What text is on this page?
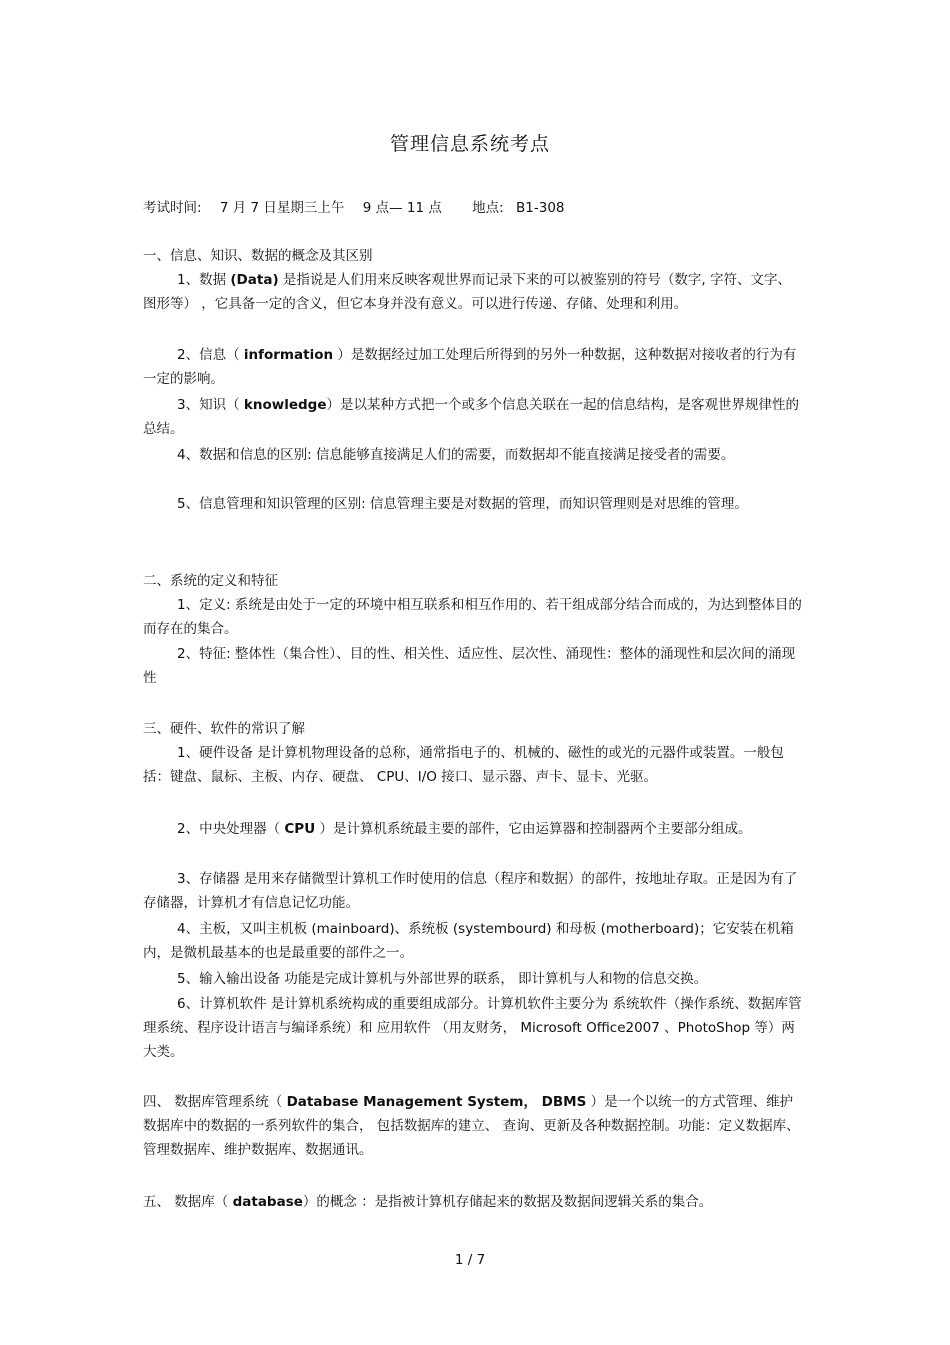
管理信息系统考点
考试时间: 7 月 7 日星期三上午 9 点— 11 点 地点: B1-308
一、信息、知识、数据的概念及其区别
1、数据 (Data) 是指说是人们用来反映客观世界而记录下来的可以被鉴别的符号（数字, 字符、文字、图形等） ，它具备一定的含义，但它本身并没有意义。可以进行传递、存储、处理和利用。
2、信息（ information ）是数据经过加工处理后所得到的另外一种数据，这种数据对接收者的行为有一定的影响。
3、知识（ knowledge）是以某种方式把一个或多个信息关联在一起的信息结构，是客观世界规律性的总结。
4、数据和信息的区别: 信息能够直接满足人们的需要，而数据却不能直接满足接受者的需要。
5、信息管理和知识管理的区别: 信息管理主要是对数据的管理，而知识管理则是对思维的管理。
二、系统的定义和特征
1、定义: 系统是由处于一定的环境中相互联系和相互作用的、若干组成部分结合而成的，为达到整体目的而存在的集合。
2、特征: 整体性（集合性）、目的性、相关性、适应性、层次性、涌现性：整体的涌现性和层次间的涌现性
三、硬件、软件的常识了解
1、硬件设备 是计算机物理设备的总称，通常指电子的、机械的、磁性的或光的元器件或装置。一般包括：键盘、鼠标、主板、内存、硬盘、 CPU、I/O 接口、显示器、声卡、显卡、光驱。
2、中央处理器（ CPU ）是计算机系统最主要的部件，它由运算器和控制器两个主要部分组成。
3、存储器 是用来存储微型计算机工作时使用的信息（程序和数据）的部件，按地址存取。正是因为有了存储器，计算机才有信息记忆功能。
4、主板，又叫主机板 (mainboard)、系统板 (systembourd) 和母板 (motherboard)；它安装在机箱内，是微机最基本的也是最重要的部件之一。
5、输入输出设备 功能是完成计算机与外部世界的联系， 即计算机与人和物的信息交换。
6、计算机软件 是计算机系统构成的重要组成部分。计算机软件主要分为 系统软件（操作系统、数据库管理系统、程序设计语言与编译系统）和 应用软件 （用友财务， Microsoft Office2007 、PhotoShop 等）两大类。
四、 数据库管理系统（ Database Management System， DBMS ）是一个以统一的方式管理、维护数据库中的数据的一系列软件的集合， 包括数据库的建立、 查询、更新及各种数据控制。功能：定义数据库、管理数据库、维护数据库、数据通讯。
五、 数据库（ database）的概念 ：是指被计算机存储起来的数据及数据间逻辑关系的集合。
1 / 7
